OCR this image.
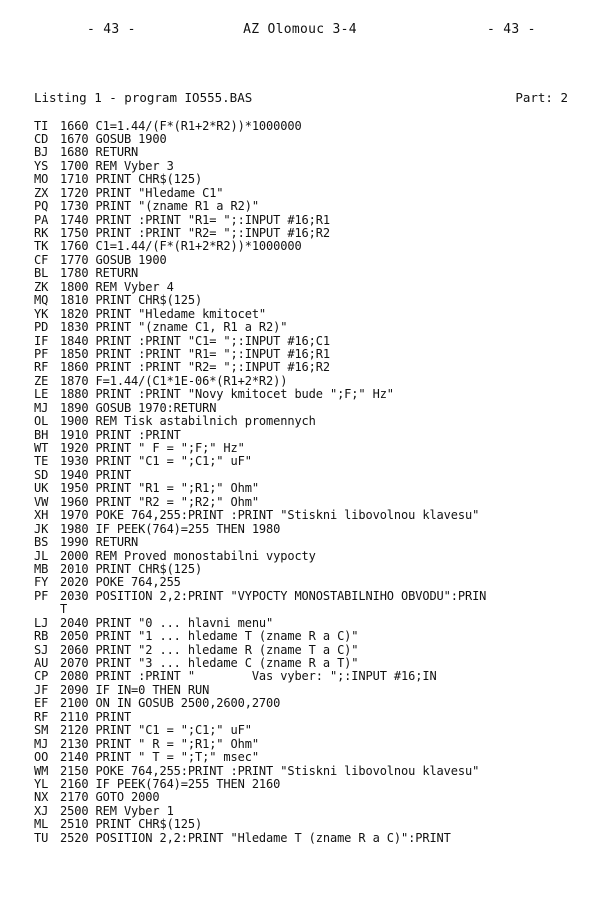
- 43 -	AZ Olomouc 3-4	- 43 -
Listing 1 - program IO555.BAS	Part: 2
TI 1660 C1=1.44/(F*(R1+2*R2))*1000000
CD 1670 GOSUB 1900
BJ 1680 RETURN
YS 1700 REM Vyber 3
MO 1710 PRINT CHR$(125)
ZX 1720 PRINT "Hledame C1"
PQ 1730 PRINT "(zname R1 a R2)"
PA 1740 PRINT :PRINT "R1= ";:INPUT #16;R1
RK 1750 PRINT :PRINT "R2= ";:INPUT #16;R2
TK 1760 C1=1.44/(F*(R1+2*R2))*1000000
CF 1770 GOSUB 1900
BL 1780 RETURN
ZK 1800 REM Vyber 4
MQ 1810 PRINT CHR$(125)
YK 1820 PRINT "Hledame kmitocet"
PD 1830 PRINT "(zname C1, R1 a R2)"
IF 1840 PRINT :PRINT "C1= ";:INPUT #16;C1
PF 1850 PRINT :PRINT "R1= ";:INPUT #16;R1
RF 1860 PRINT :PRINT "R2= ";:INPUT #16;R2
ZE 1870 F=1.44/(C1*1E-06*(R1+2*R2))
LE 1880 PRINT :PRINT "Novy kmitocet bude ";F;" Hz"
MJ 1890 GOSUB 1970:RETURN
OL 1900 REM Tisk astabilnich promennych
BH 1910 PRINT :PRINT
WT 1920 PRINT " F = ";F;" Hz"
TE 1930 PRINT "C1 = ";C1;" uF"
SD 1940 PRINT
UK 1950 PRINT "R1 = ";R1;" Ohm"
VW 1960 PRINT "R2 = ";R2;" Ohm"
XH 1970 POKE 764,255:PRINT :PRINT "Stiskni libovolnou klavesu"
JK 1980 IF PEEK(764)=255 THEN 1980
BS 1990 RETURN
JL 2000 REM Proved monostabilni vypocty
MB 2010 PRINT CHR$(125)
FY 2020 POKE 764,255
PF 2030 POSITION 2,2:PRINT "VYPOCTY MONOSTABILNIHO OBVODU":PRIN
T
LJ 2040 PRINT "0 ... hlavni menu"
RB 2050 PRINT "1 ... hledame T (zname R a C)"
SJ 2060 PRINT "2 ... hledame R (zname T a C)"
AU 2070 PRINT "3 ... hledame C (zname R a T)"
CP 2080 PRINT :PRINT "        Vas vyber: ";:INPUT #16;IN
JF 2090 IF IN=0 THEN RUN
EF 2100 ON IN GOSUB 2500,2600,2700
RF 2110 PRINT
SM 2120 PRINT "C1 = ";C1;" uF"
MJ 2130 PRINT " R = ";R1;" Ohm"
OO 2140 PRINT " T = ";T;" msec"
WM 2150 POKE 764,255:PRINT :PRINT "Stiskni libovolnou klavesu"
YL 2160 IF PEEK(764)=255 THEN 2160
NX 2170 GOTO 2000
XJ 2500 REM Vyber 1
ML 2510 PRINT CHR$(125)
TU 2520 POSITION 2,2:PRINT "Hledame T (zname R a C)":PRINT
